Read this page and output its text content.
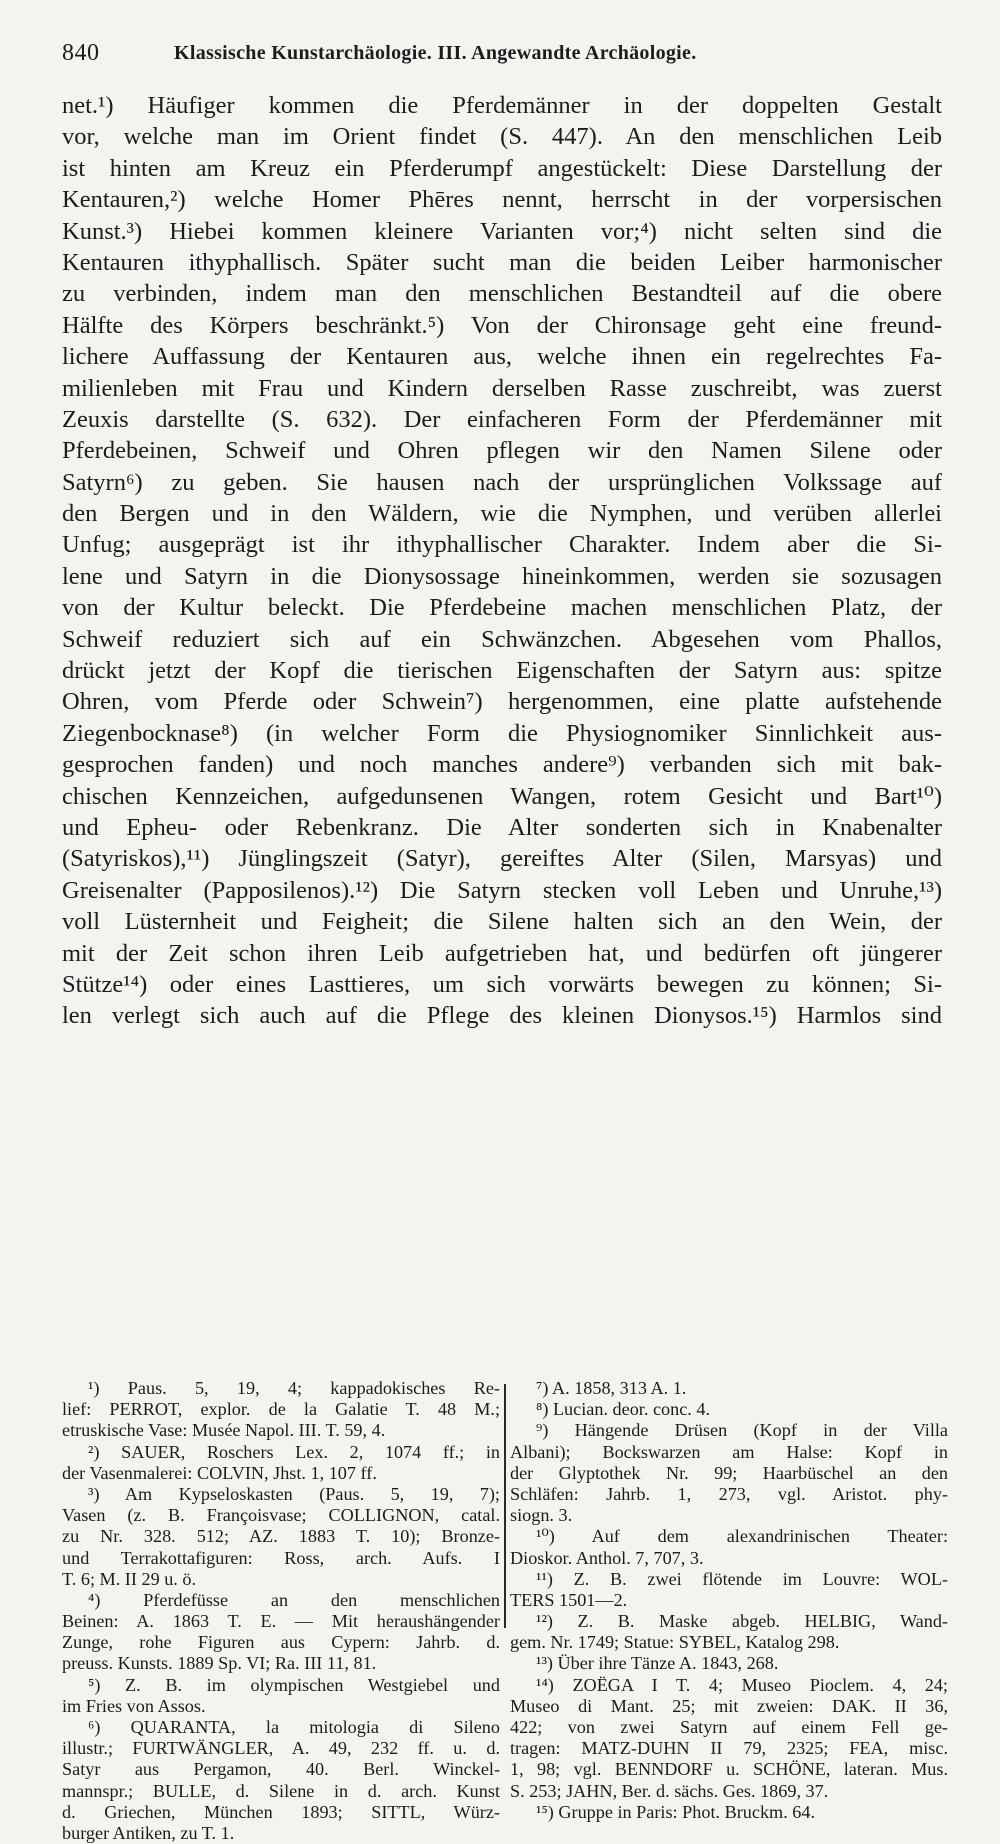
840	Klassische Kunstarchäologie. III. Angewandte Archäologie.
net.¹) Häufiger kommen die Pferdemänner in der doppelten Gestalt
vor, welche man im Orient findet (S. 447). An den menschlichen Leib
ist hinten am Kreuz ein Pferderumpf angestückelt: Diese Darstellung der
Kentauren,²) welche Homer Phēres nennt, herrscht in der vorpersischen
Kunst.³) Hiebei kommen kleinere Varianten vor;⁴) nicht selten sind die
Kentauren ithyphallisch. Später sucht man die beiden Leiber harmonischer
zu verbinden, indem man den menschlichen Bestandteil auf die obere
Hälfte des Körpers beschränkt.⁵) Von der Chironsage geht eine freund-
lichere Auffassung der Kentauren aus, welche ihnen ein regelrechtes Fa-
milienleben mit Frau und Kindern derselben Rasse zuschreibt, was zuerst
Zeuxis darstellte (S. 632). Der einfacheren Form der Pferdemänner mit
Pferdebeinen, Schweif und Ohren pflegen wir den Namen Silene oder
Satyrn⁶) zu geben. Sie hausen nach der ursprünglichen Volkssage auf
den Bergen und in den Wäldern, wie die Nymphen, und verüben allerlei
Unfug; ausgeprägt ist ihr ithyphallischer Charakter. Indem aber die Si-
lene und Satyrn in die Dionysossage hineinkommen, werden sie sozusagen
von der Kultur beleckt. Die Pferdebeine machen menschlichen Platz, der
Schweif reduziert sich auf ein Schwänzchen. Abgesehen vom Phallos,
drückt jetzt der Kopf die tierischen Eigenschaften der Satyrn aus: spitze
Ohren, vom Pferde oder Schwein⁷) hergenommen, eine platte aufstehende
Ziegenbocknase⁸) (in welcher Form die Physiognomiker Sinnlichkeit aus-
gesprochen fanden) und noch manches andere⁹) verbanden sich mit bak-
chischen Kennzeichen, aufgedunsenen Wangen, rotem Gesicht und Bart¹⁰)
und Epheu- oder Rebenkranz. Die Alter sonderten sich in Knabenalter
(Satyriskos),¹¹) Jünglingszeit (Satyr), gereiftes Alter (Silen, Marsyas) und
Greisenalter (Papposilenos).¹²) Die Satyrn stecken voll Leben und Unruhe,¹³)
voll Lüsternheit und Feigheit; die Silene halten sich an den Wein, der
mit der Zeit schon ihren Leib aufgetrieben hat, und bedürfen oft jüngerer
Stütze¹⁴) oder eines Lasttieres, um sich vorwärts bewegen zu können; Si-
len verlegt sich auch auf die Pflege des kleinen Dionysos.¹⁵) Harmlos sind
¹) Paus. 5, 19, 4; kappadokisches Re-
lief: PERROT, explor. de la Galatie T. 48 M.;
etruskische Vase: Musée Napol. III. T. 59, 4.
²) SAUER, Roschers Lex. 2, 1074 ff.; in
der Vasenmalerei: COLVIN, Jhst. 1, 107 ff.
³) Am Kypseloskasten (Paus. 5, 19, 7);
Vasen (z. B. Françoisvase; COLLIGNON, catal.
zu Nr. 328. 512; AZ. 1883 T. 10); Bronze-
und Terrakottafiguren: Ross, arch. Aufs. I
T. 6; M. II 29 u. ö.
⁴) Pferdefüsse an den menschlichen
Beinen: A. 1863 T. E. — Mit heraushängender
Zunge, rohe Figuren aus Cypern: Jahrb. d.
preuss. Kunsts. 1889 Sp. VI; Ra. III 11, 81.
⁵) Z. B. im olympischen Westgiebel und
im Fries von Assos.
⁶) QUARANTA, la mitologia di Sileno
illustr.; FURTWÄNGLER, A. 49, 232 ff. u. d.
Satyr aus Pergamon, 40. Berl. Winckel-
mannspr.; BULLE, d. Silene in d. arch. Kunst
d. Griechen, München 1893; SITTL, Würz-
burger Antiken, zu T. 1.
⁷) A. 1858, 313 A. 1.
⁸) Lucian. deor. conc. 4.
⁹) Hängende Drüsen (Kopf in der Villa
Albani); Bockswarzen am Halse: Kopf in
der Glyptothek Nr. 99; Haarbüschel an den
Schläfen: Jahrb. 1, 273, vgl. Aristot. phy-
siogn. 3.
¹⁰) Auf dem alexandrinischen Theater:
Dioskor. Anthol. 7, 707, 3.
¹¹) Z. B. zwei flötende im Louvre: WOL-
TERS 1501—2.
¹²) Z. B. Maske abgeb. HELBIG, Wand-
gem. Nr. 1749; Statue: SYBEL, Katalog 298.
¹³) Über ihre Tänze A. 1843, 268.
¹⁴) ZOËGA I T. 4; Museo Pioclem. 4, 24;
Museo di Mant. 25; mit zweien: DAK. II 36,
422; von zwei Satyrn auf einem Fell ge-
tragen: MATZ-DUHN II 79, 2325; FEA, misc.
1, 98; vgl. BENNDORF u. SCHÖNE, lateran. Mus.
S. 253; JAHN, Ber. d. sächs. Ges. 1869, 37.
¹⁵) Gruppe in Paris: Phot. Bruckm. 64.
